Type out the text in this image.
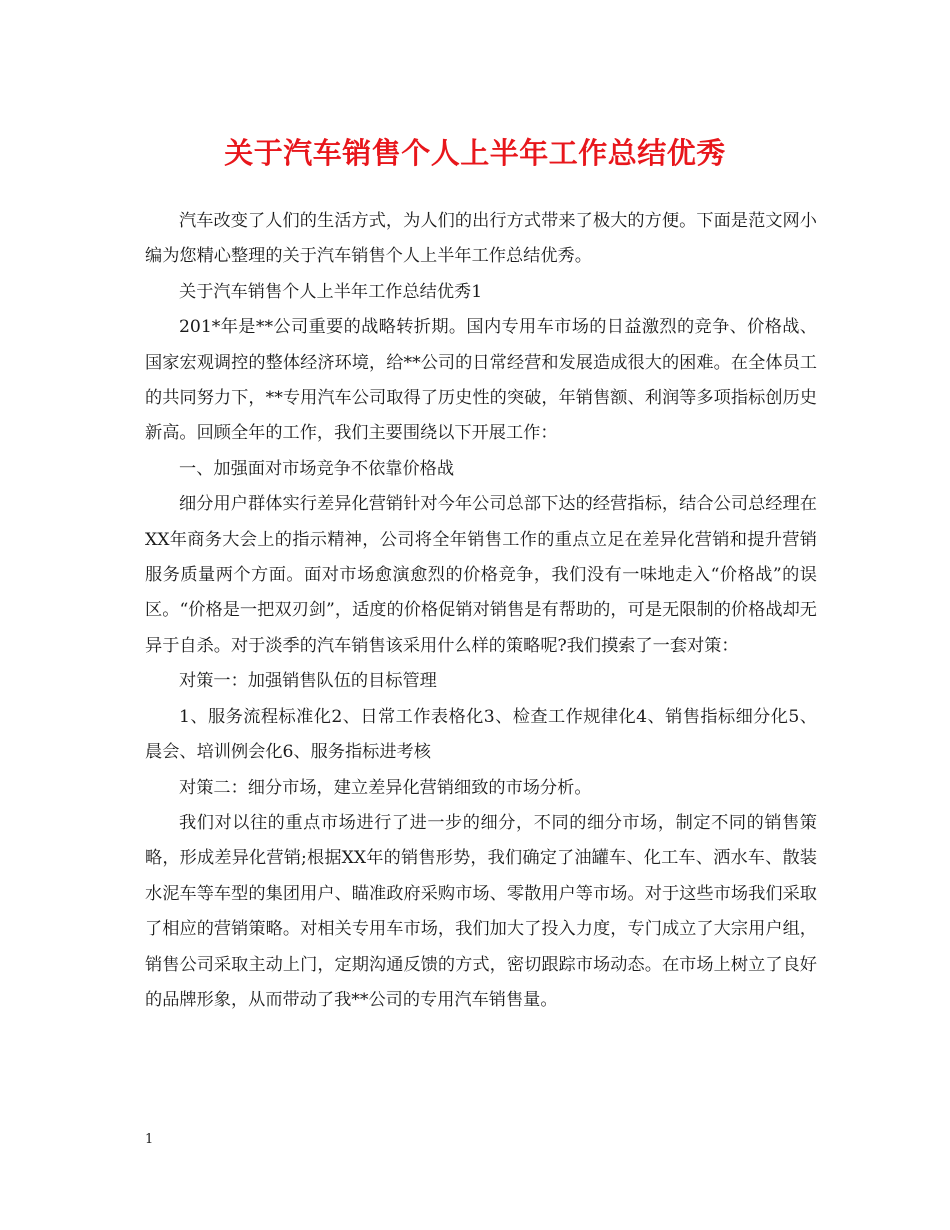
关于汽车销售个人上半年工作总结优秀

汽车改变了人们的生活方式，为人们的出行方式带来了极大的方便。下面是范文网小编为您精心整理的关于汽车销售个人上半年工作总结优秀。

关于汽车销售个人上半年工作总结优秀1

201*年是**公司重要的战略转折期。国内专用车市场的日益激烈的竞争、价格战、国家宏观调控的整体经济环境，给**公司的日常经营和发展造成很大的困难。在全体员工的共同努力下，**专用汽车公司取得了历史性的突破，年销售额、利润等多项指标创历史新高。回顾全年的工作，我们主要围绕以下开展工作：

一、加强面对市场竞争不依靠价格战

细分用户群体实行差异化营销针对今年公司总部下达的经营指标，结合公司总经理在XX年商务大会上的指示精神，公司将全年销售工作的重点立足在差异化营销和提升营销服务质量两个方面。面对市场愈演愈烈的价格竞争，我们没有一味地走入“价格战”的误区。“价格是一把双刃剑”，适度的价格促销对销售是有帮助的，可是无限制的价格战却无异于自杀。对于淡季的汽车销售该采用什么样的策略呢?我们摸索了一套对策：

对策一：加强销售队伍的目标管理

1、服务流程标准化2、日常工作表格化3、检查工作规律化4、销售指标细分化5、晨会、培训例会化6、服务指标进考核

对策二：细分市场，建立差异化营销细致的市场分析。

我们对以往的重点市场进行了进一步的细分，不同的细分市场，制定不同的销售策略，形成差异化营销;根据XX年的销售形势，我们确定了油罐车、化工车、洒水车、散装水泥车等车型的集团用户、瞄准政府采购市场、零散用户等市场。对于这些市场我们采取了相应的营销策略。对相关专用车市场，我们加大了投入力度，专门成立了大宗用户组，销售公司采取主动上门，定期沟通反馈的方式，密切跟踪市场动态。在市场上树立了良好的品牌形象，从而带动了我**公司的专用汽车销售量。

1
